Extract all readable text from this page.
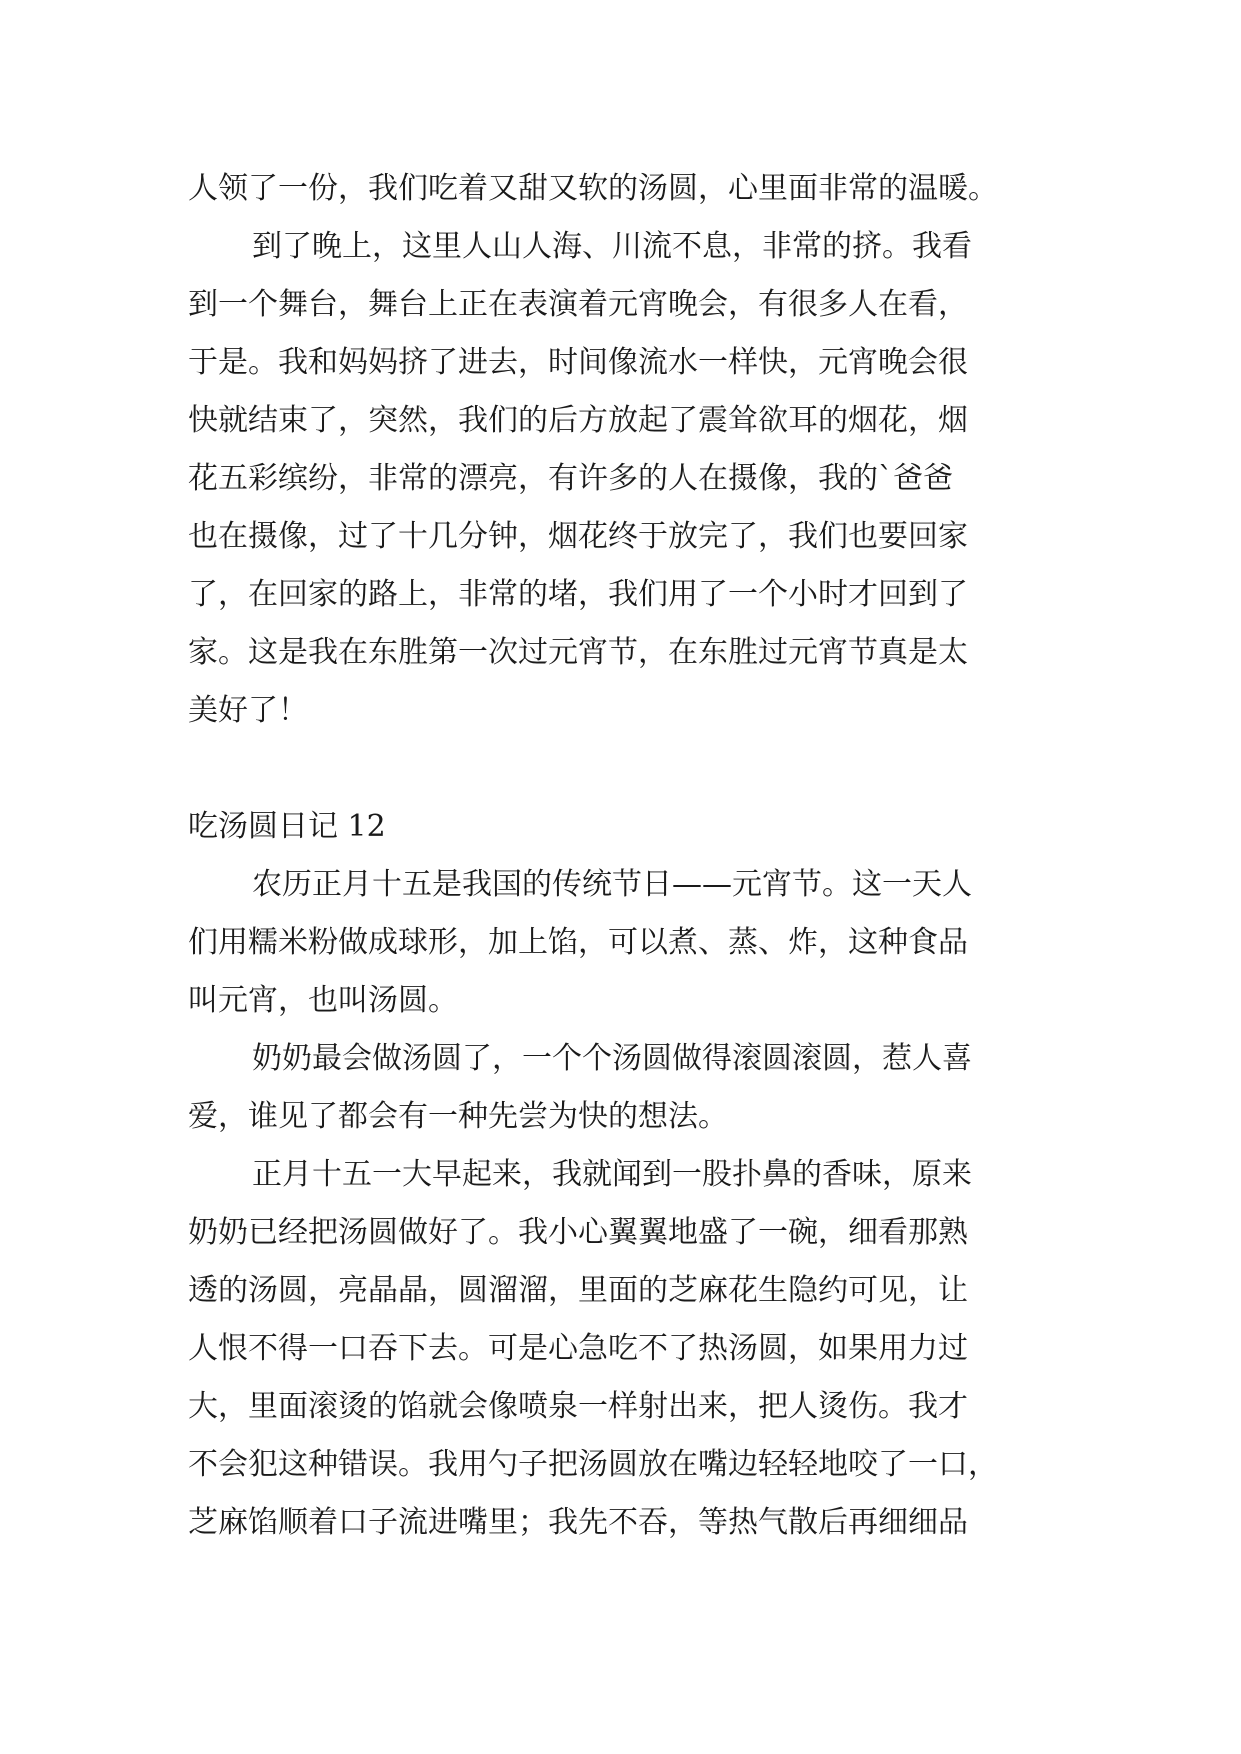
人领了一份，我们吃着又甜又软的汤圆，心里面非常的温暖。
到了晚上，这里人山人海、川流不息，非常的挤。我看
到一个舞台，舞台上正在表演着元宵晚会，有很多人在看，
于是。我和妈妈挤了进去，时间像流水一样快，元宵晚会很
快就结束了，突然，我们的后方放起了震耸欲耳的烟花，烟
花五彩缤纷，非常的漂亮，有许多的人在摄像，我的`爸爸
也在摄像，过了十几分钟，烟花终于放完了，我们也要回家
了，在回家的路上，非常的堵，我们用了一个小时才回到了
家。这是我在东胜第一次过元宵节，在东胜过元宵节真是太
美好了！
吃汤圆日记 12
农历正月十五是我国的传统节日——元宵节。这一天人
们用糯米粉做成球形，加上馅，可以煮、蒸、炸，这种食品
叫元宵，也叫汤圆。
奶奶最会做汤圆了，一个个汤圆做得滚圆滚圆，惹人喜
爱，谁见了都会有一种先尝为快的想法。
正月十五一大早起来，我就闻到一股扑鼻的香味，原来
奶奶已经把汤圆做好了。我小心翼翼地盛了一碗，细看那熟
透的汤圆，亮晶晶，圆溜溜，里面的芝麻花生隐约可见，让
人恨不得一口吞下去。可是心急吃不了热汤圆，如果用力过
大，里面滚烫的馅就会像喷泉一样射出来，把人烫伤。我才
不会犯这种错误。我用勺子把汤圆放在嘴边轻轻地咬了一口，
芝麻馅顺着口子流进嘴里；我先不吞，等热气散后再细细品
